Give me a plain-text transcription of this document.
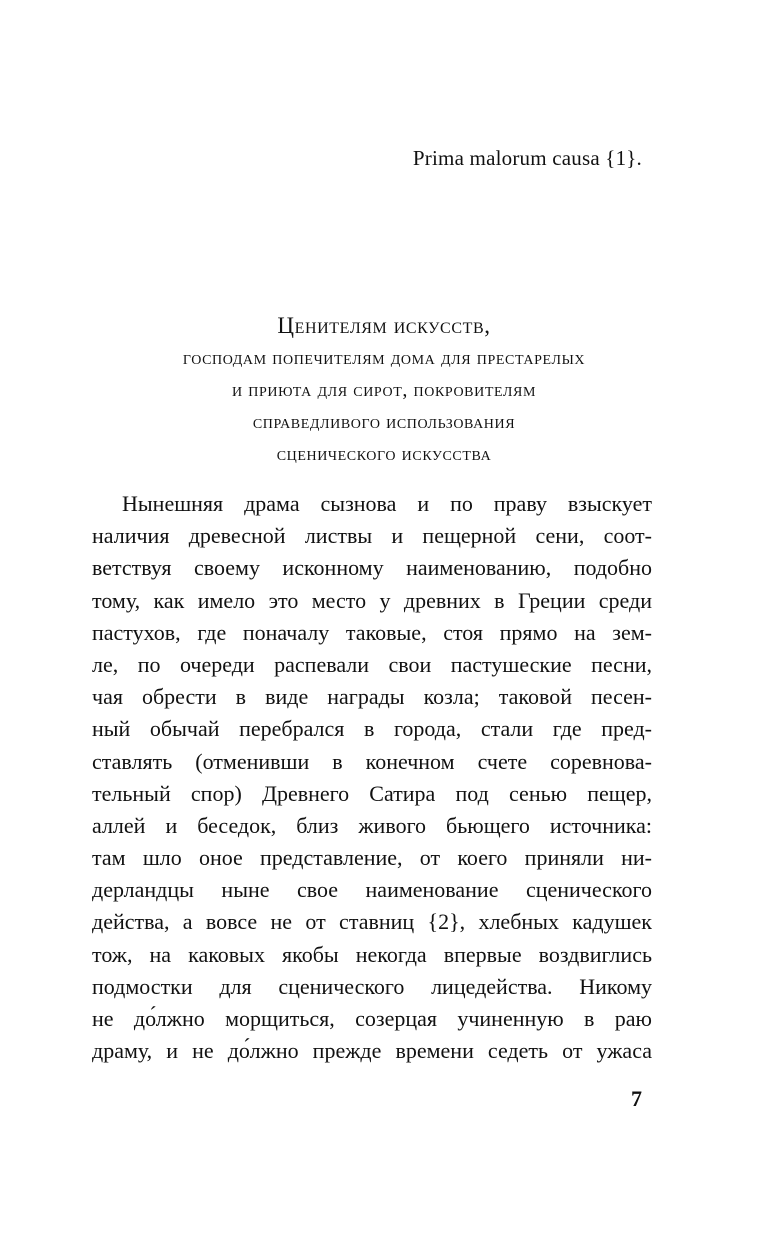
Prima malorum causa {1}.
Ценителям искусств,
господам попечителям дома для престарелых
и приюта для сирот, покровителям
справедливого использования
сценического искусства
Нынешняя драма сызнова и по праву взыскует
наличия древесной листвы и пещерной сени, соот-
ветствуя своему исконному наименованию, подобно
тому, как имело это место у древних в Греции среди
пастухов, где поначалу таковые, стоя прямо на зем-
ле, по очереди распевали свои пастушеские песни,
чая обрести в виде награды козла; таковой песен-
ный обычай перебрался в города, стали где пред-
ставлять (отменивши в конечном счете соревнова-
тельный спор) Древнего Сатира под сенью пещер,
аллей и беседок, близ живого бьющего источника:
там шло оное представление, от коего приняли ни-
дерландцы ныне свое наименование сценического
действа, а вовсе не от ставниц {2}, хлебных кадушек
тож, на каковых якобы некогда впервые воздвиглись
подмостки для сценического лицедейства. Никому
не до́лжно морщиться, созерцая учиненную в раю
драму, и не до́лжно прежде времени седеть от ужаса
7
